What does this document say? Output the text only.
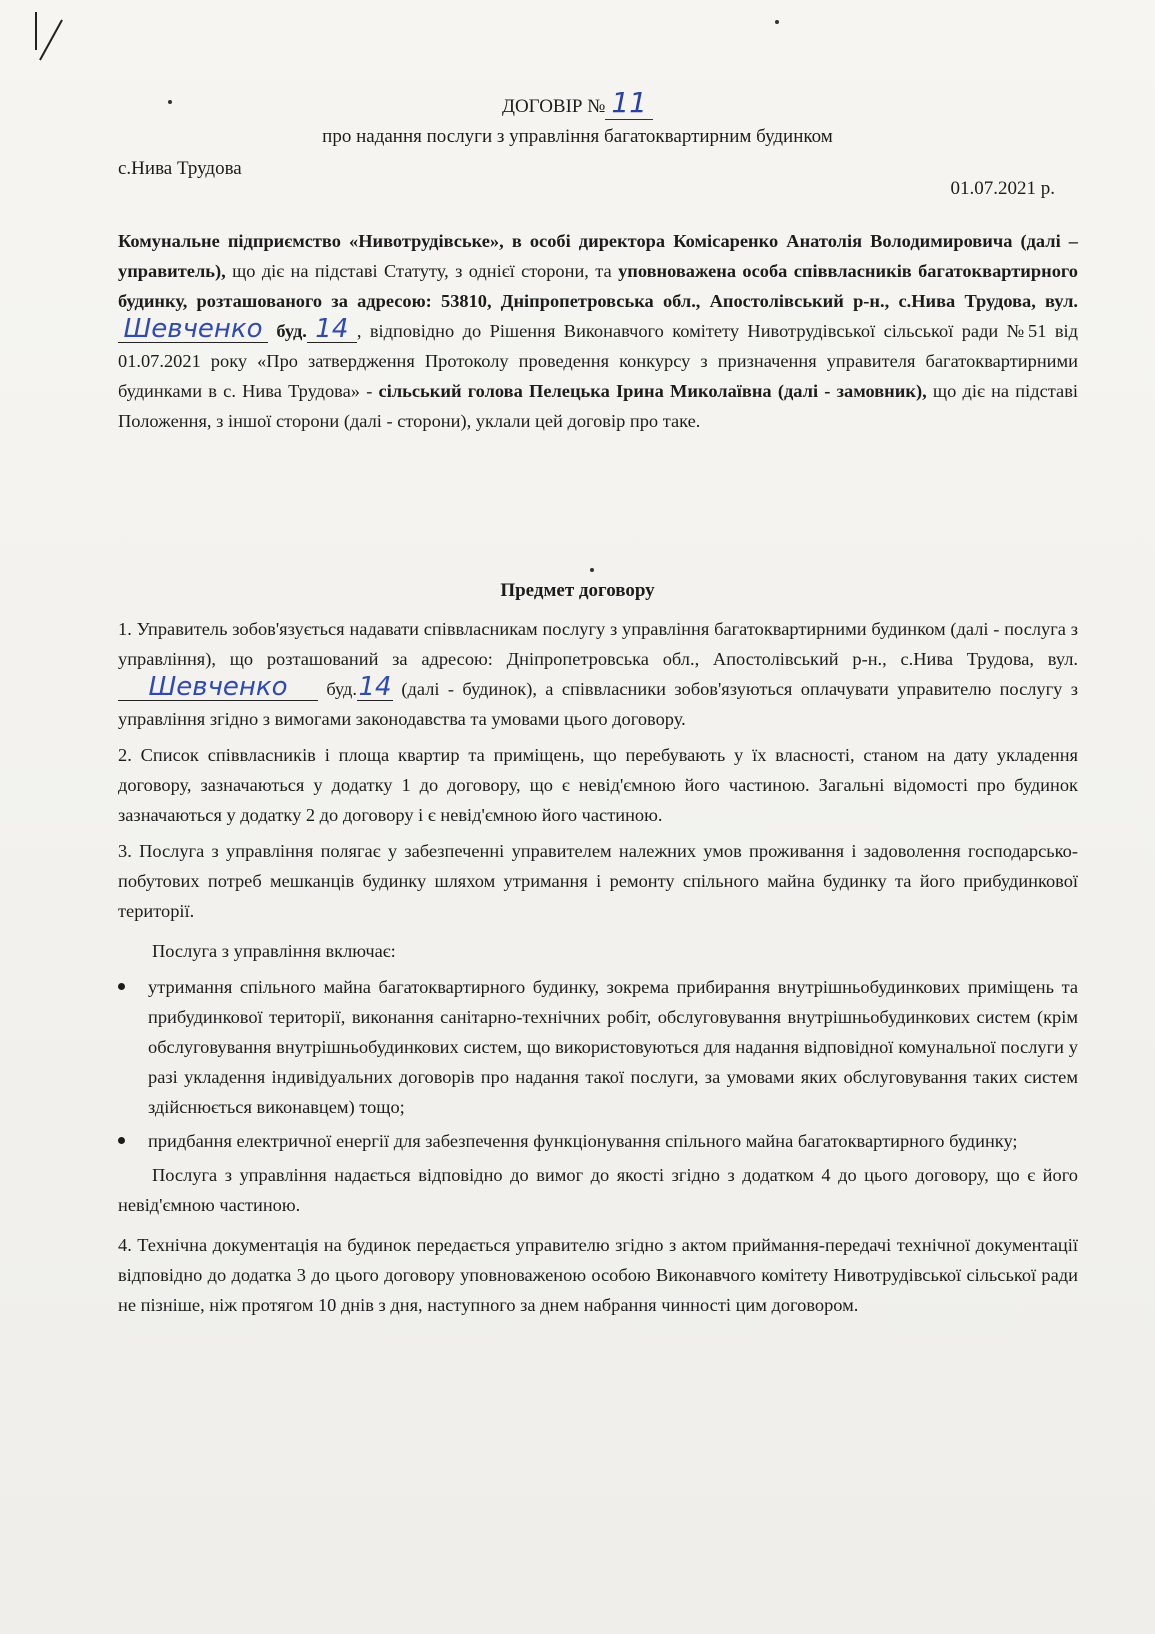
ДОГОВІР № 11
про надання послуги з управління багатоквартирним будинком
с.Нива Трудова
01.07.2021 р.
Комунальне підприємство «Нивотрудівське», в особі директора Комісаренко Анатолія Володимировича (далі – управитель), що діє на підставі Статуту, з однієї сторони, та уповноважена особа співвласників багатоквартирного будинку, розташованого за адресою: 53810, Дніпропетровська обл., Апостолівський р-н., с.Нива Трудова, вул.Шевченко буд. 14 , відповідно до Рішення Виконавчого комітету Нивотрудівської сільської ради №51 від 01.07.2021 року «Про затвердження Протоколу проведення конкурсу з призначення управителя багатоквартирними будинками в с. Нива Трудова» - сільський голова Пелецька Ірина Миколаївна (далі - замовник), що діє на підставі Положення, з іншої сторони (далі - сторони), уклали цей договір про таке.
Предмет договору
1. Управитель зобов'язується надавати співвласникам послугу з управління багатоквартирними будинком (далі - послуга з управління), що розташований за адресою: Дніпропетровська обл., Апостолівський р-н., с.Нива Трудова, вул.Шевченко буд.14 (далі - будинок), а співвласники зобов'язуються оплачувати управителю послугу з управління згідно з вимогами законодавства та умовами цього договору.
2. Список співвласників і площа квартир та приміщень, що перебувають у їх власності, станом на дату укладення договору, зазначаються у додатку 1 до договору, що є невід'ємною його частиною. Загальні відомості про будинок зазначаються у додатку 2 до договору і є невід'ємною його частиною.
3. Послуга з управління полягає у забезпеченні управителем належних умов проживання і задоволення господарсько-побутових потреб мешканців будинку шляхом утримання і ремонту спільного майна будинку та його прибудинкової території.
Послуга з управління включає:
утримання спільного майна багатоквартирного будинку, зокрема прибирання внутрішньобудинкових приміщень та прибудинкової території, виконання санітарно-технічних робіт, обслуговування внутрішньобудинкових систем (крім обслуговування внутрішньобудинкових систем, що використовуються для надання відповідної комунальної послуги у разі укладення індивідуальних договорів про надання такої послуги, за умовами яких обслуговування таких систем здійснюється виконавцем) тощо;
придбання електричної енергії для забезпечення функціонування спільного майна багатоквартирного будинку;
Послуга з управління надається відповідно до вимог до якості згідно з додатком 4 до цього договору, що є його невід'ємною частиною.
4. Технічна документація на будинок передається управителю згідно з актом приймання-передачі технічної документації відповідно до додатка 3 до цього договору уповноваженою особою Виконавчого комітету Нивотрудівської сільської ради не пізніше, ніж протягом 10 днів з дня, наступного за днем набрання чинності цим договором.
